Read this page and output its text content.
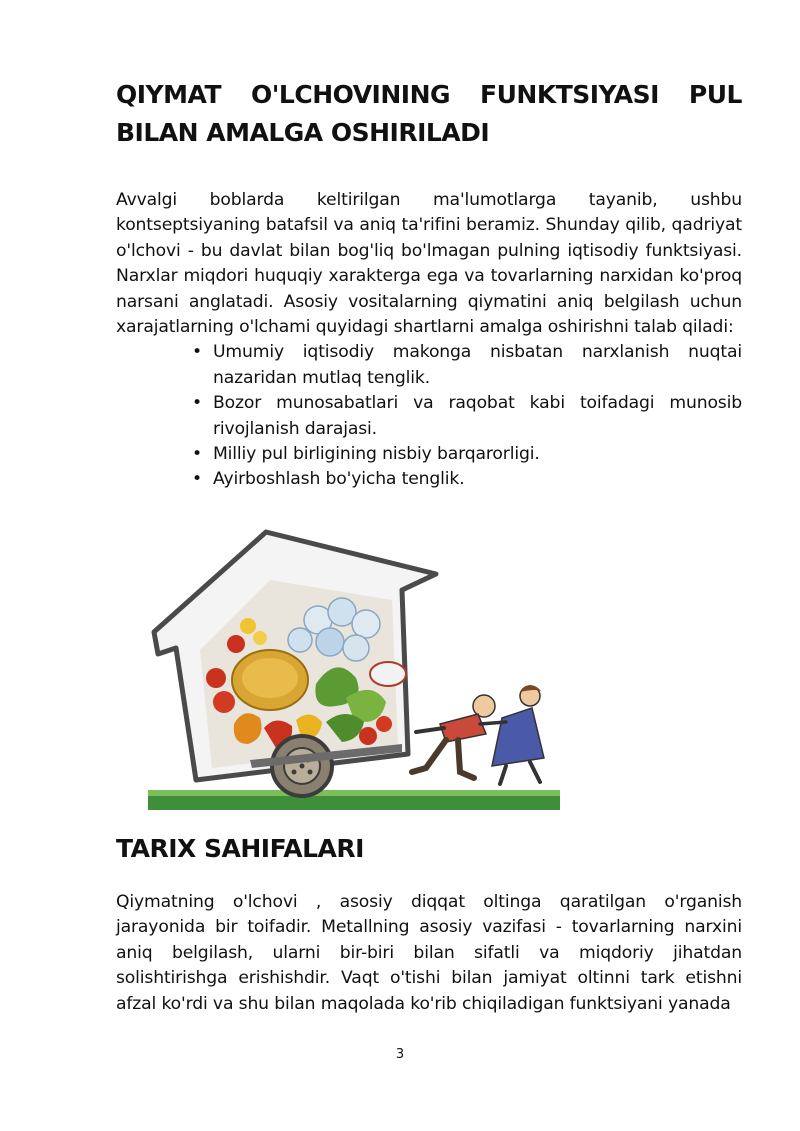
QIYMAT O'LCHOVINING FUNKTSIYASI PUL
BILAN AMALGA OSHIRILADI

Avvalgi boblarda keltirilgan ma'lumotlarga tayanib, ushbu kontseptsiyaning batafsil va aniq ta'rifini beramiz. Shunday qilib, qadriyat o'lchovi - bu davlat bilan bog'liq bo'lmagan pulning iqtisodiy funktsiyasi. Narxlar miqdori huquqiy xarakterga ega va tovarlarning narxidan ko'proq narsani anglatadi. Asosiy vositalarning qiymatini aniq belgilash uchun xarajatlarning o'lchami quyidagi shartlarni amalga oshirishni talab qiladi:

• Umumiy iqtisodiy makonga nisbatan narxlanish nuqtai nazaridan mutlaq tenglik.
• Bozor munosabatlari va raqobat kabi toifadagi munosib rivojlanish darajasi.
• Milliy pul birligining nisbiy barqarorligi.
• Ayirboshlash bo'yicha tenglik.
TARIX SAHIFALARI

Qiymatning o'lchovi , asosiy diqqat oltinga qaratilgan o'rganish jarayonida bir toifadir. Metallning asosiy vazifasi - tovarlarning narxini aniq belgilash, ularni bir-biri bilan sifatli va miqdoriy jihatdan solishtirishga erishishdir. Vaqt o'tishi bilan jamiyat oltinni tark etishni afzal ko'rdi va shu bilan maqolada ko'rib chiqiladigan funktsiyani yanada

3
